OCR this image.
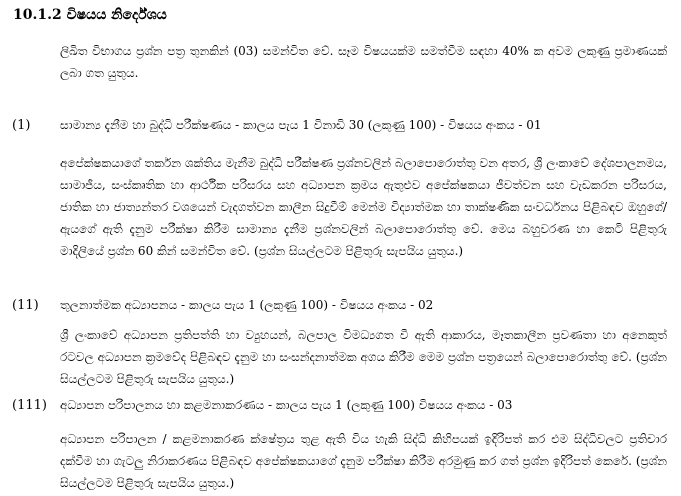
10.1.2 විෂයය නිර්දේශය

ලිඛිත විභාගය ප්‍රශ්න පත්‍ර තුනකින් (03) සමන්විත වේ. සෑම විෂයයක්ම සමත්වීම සඳහා 40% ක අවම ලකුණු ප්‍රමාණයක් ලබා ගත යුතුය.

(1) සාමාන්‍ය දැනීම හා බුද්ධි පරීක්ෂණය - කාලය පැය 1 විනාඩි 30 (ලකුණු 100) - විෂයය අංකය - 01

අපේක්ෂකයාගේ තර්කන ශක්තිය මැනීම බුද්ධි පරීක්ෂණ ප්‍රශ්නවලින් බලාපොරොත්තු වන අතර, ශ්‍රී ලංකාවේ දේශපාලනමය, සාමාජීය, සංස්කෘතික හා ආර්ථික පරිසරය සහ අධ්‍යාපන ක්‍රමය ඇතුළුව අපේක්ෂකයා ජීවත්වන සහ වැඩකරන පරිසරය, ජාතික හා ජාත්‍යන්තර වශයෙන් වැදගත්වන කාලීන සිදුවීම් මෙන්ම විද්‍යාත්මක හා තාක්ෂණික සංවර්ධනය පිළිබඳව ඔහුගේ/ ඇයගේ ඇති දැනුම පරීක්ෂා කිරීම සාමාන්‍ය දැනීම ප්‍රශ්නවලින් බලාපොරොත්තු වේ. මෙය බහුවරණ හා කෙටි පිළිතුරු මාදිලියේ ප්‍රශ්න 60 කින් සමන්විත වේ. (ප්‍රශ්න සියල්ලටම පිළිතුරු සැපයිය යුතුය.)

(11) තුලනාත්මක අධ්‍යාපනය - කාලය පැය 1 (ලකුණු 100) - විෂයය අංකය - 02

ශ්‍රී ලංකාවේ අධ්‍යාපන ප්‍රතිපත්ති හා ව්‍යුහයන්, බලපාල විමධ්‍යගත වී ඇති ආකාරය, මෑතකාලීන ප්‍රවණතා හා අනෙකුත් රටවල අධ්‍යාපන ක්‍රමවේද පිළිබඳව දැනුම හා සංසන්දනාත්මක අගය කිරීම මෙම ප්‍රශ්න පත්‍රයෙන් බලාපොරොත්තු වේ. (ප්‍රශ්න සියල්ලටම පිළිතුරු සැපයිය යුතුය.)

(111) අධ්‍යාපන පරිපාලනය හා කළමනාකරණය - කාලය පැය 1 (ලකුණු 100) විෂයය අංකය - 03

අධ්‍යාපන පරිපාලන / කළමනාකරණ ක්ෂේත්‍රය තුළ ඇති විය හැකි සිද්ධි කිහිපයක් ඉදිරිපත් කර එම සිද්ධිවලට ප්‍රතිචාර දක්වීම හා ගැටලු නිරාකරණය පිළිබඳව අපේක්ෂකයාගේ දැනුම පරීක්ෂා කිරීම අරමුණු කර ගත් ප්‍රශ්න ඉදිරිපත් කෙරේ. (ප්‍රශ්න සියල්ලටම පිළිතුරු සැපයිය යුතුය.)
